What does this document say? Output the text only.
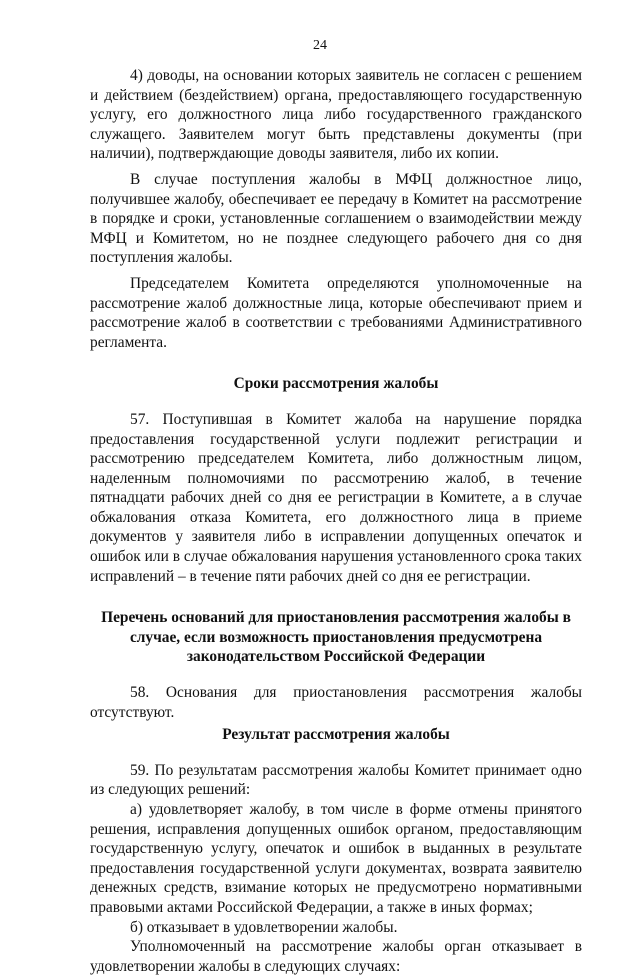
24

4) доводы, на основании которых заявитель не согласен с решением и действием (бездействием) органа, предоставляющего государственную услугу, его должностного лица либо государственного гражданского служащего. Заявителем могут быть представлены документы (при наличии), подтверждающие доводы заявителя, либо их копии.

В случае поступления жалобы в МФЦ должностное лицо, получившее жалобу, обеспечивает ее передачу в Комитет на рассмотрение в порядке и сроки, установленные соглашением о взаимодействии между МФЦ и Комитетом, но не позднее следующего рабочего дня со дня поступления жалобы.

Председателем Комитета определяются уполномоченные на рассмотрение жалоб должностные лица, которые обеспечивают прием и рассмотрение жалоб в соответствии с требованиями Административного регламента.

Сроки рассмотрения жалобы

57. Поступившая в Комитет жалоба на нарушение порядка предоставления государственной услуги подлежит регистрации и рассмотрению председателем Комитета, либо должностным лицом, наделенным полномочиями по рассмотрению жалоб, в течение пятнадцати рабочих дней со дня ее регистрации в Комитете, а в случае обжалования отказа Комитета, его должностного лица в приеме документов у заявителя либо в исправлении допущенных опечаток и ошибок или в случае обжалования нарушения установленного срока таких исправлений – в течение пяти рабочих дней со дня ее регистрации.

Перечень оснований для приостановления рассмотрения жалобы в случае, если возможность приостановления предусмотрена законодательством Российской Федерации

58. Основания для приостановления рассмотрения жалобы отсутствуют.

Результат рассмотрения жалобы

59. По результатам рассмотрения жалобы Комитет принимает одно из следующих решений:

а) удовлетворяет жалобу, в том числе в форме отмены принятого решения, исправления допущенных ошибок органом, предоставляющим государственную услугу, опечаток и ошибок в выданных в результате предоставления государственной услуги документах, возврата заявителю денежных средств, взимание которых не предусмотрено нормативными правовыми актами Российской Федерации, а также в иных формах;

б) отказывает в удовлетворении жалобы.

Уполномоченный на рассмотрение жалобы орган отказывает в удовлетворении жалобы в следующих случаях:
